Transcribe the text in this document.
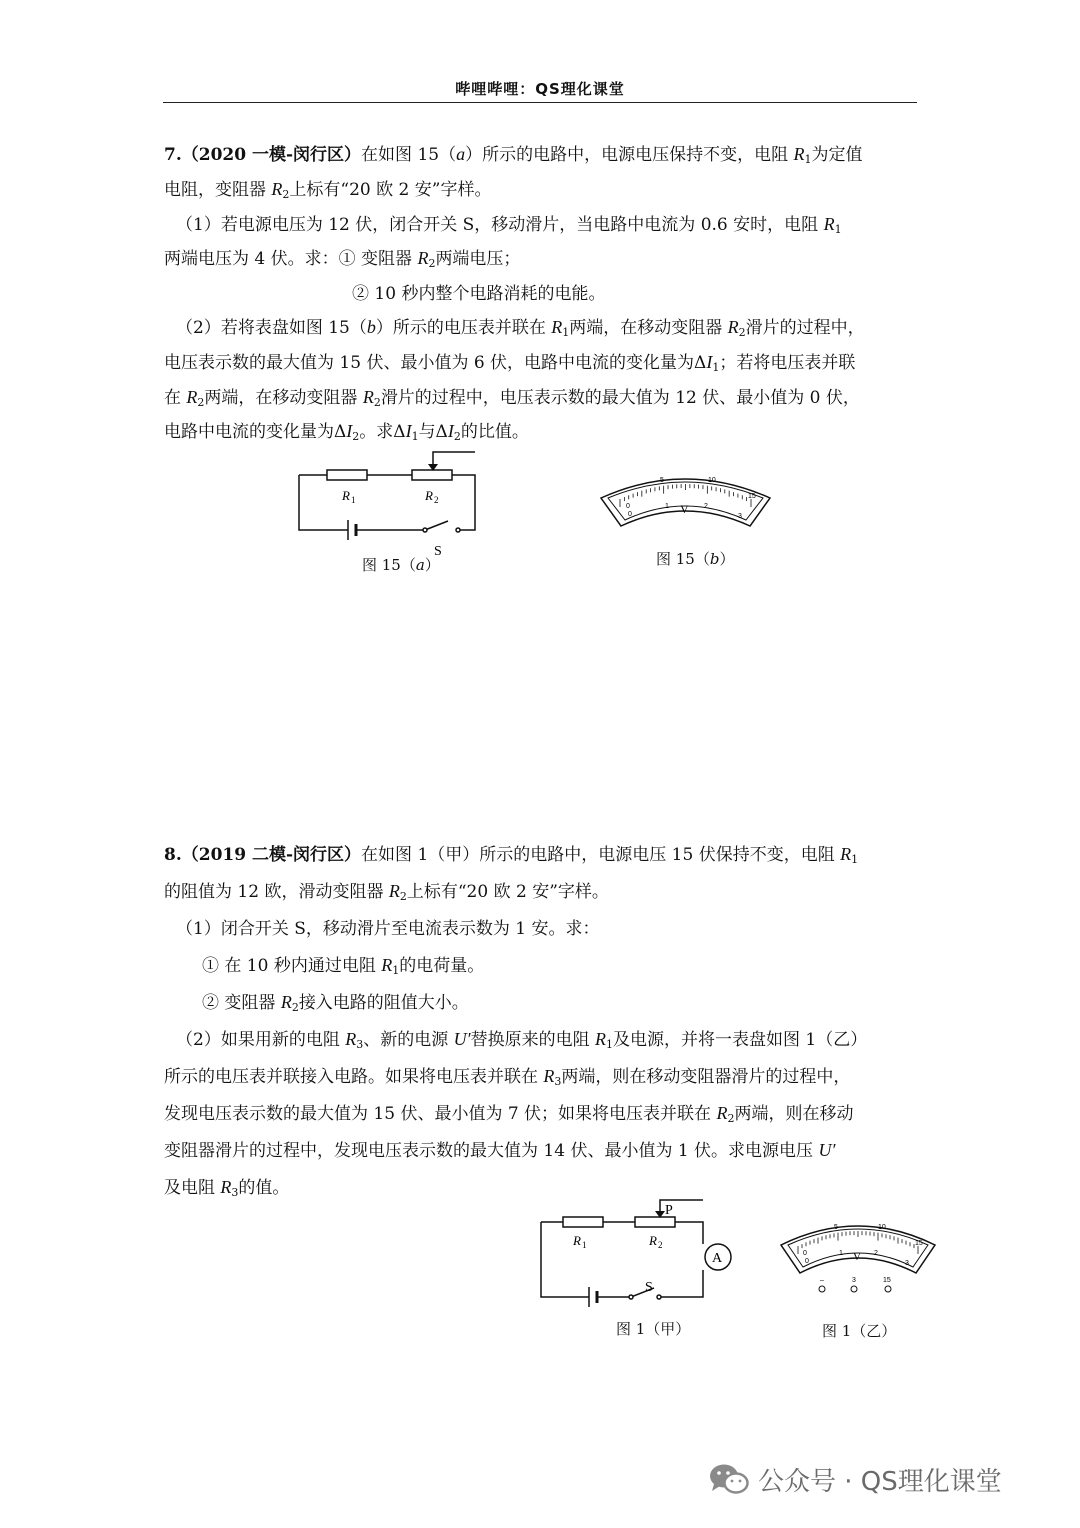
哔哩哔哩：QS理化课堂
7.（2020 一模-闵行区）在如图 15（a）所示的电路中，电源电压保持不变，电阻 $R_1$为定值
电阻，变阻器 $R_2$上标有“20 欧 2 安”字样。
（1）若电源电压为 12 伏，闭合开关 S，移动滑片，当电路中电流为 0.6 安时，电阻 $R_1$
两端电压为 4 伏。求：① 变阻器 $R_2$两端电压；
② 10 秒内整个电路消耗的电能。
（2）若将表盘如图 15（b）所示的电压表并联在 $R_1$两端，在移动变阻器 $R_2$滑片的过程中，
电压表示数的最大值为 15 伏、最小值为 6 伏，电路中电流的变化量为$\Delta I_1$；若将电压表并联
在 $R_2$两端，在移动变阻器 $R_2$滑片的过程中，电压表示数的最大值为 12 伏、最小值为 0 伏，
电路中电流的变化量为$\Delta I_2$。求$\Delta I_1$与$\Delta I_2$的比值。
R 1	R 2
S
图 15（a）
0
5	10
15
0
1	2
3
V
图 15（b）
8.（2019 二模-闵行区）在如图 1（甲）所示的电路中，电源电压 15 伏保持不变，电阻 $R_1$
的阻值为 12 欧，滑动变阻器 $R_2$上标有“20 欧 2 安”字样。
（1）闭合开关 S，移动滑片至电流表示数为 1 安。求：
① 在 10 秒内通过电阻 $R_1$的电荷量。
② 变阻器 $R_2$接入电路的阻值大小。
（2）如果用新的电阻 $R_3$、新的电源 U′替换原来的电阻 $R_1$及电源，并将一表盘如图 1（乙）
所示的电压表并联接入电路。如果将电压表并联在 $R_3$两端，则在移动变阻器滑片的过程中，
发现电压表示数的最大值为 15 伏、最小值为 7 伏；如果将电压表并联在 $R_2$两端，则在移动
变阻器滑片的过程中，发现电压表示数的最大值为 14 伏、最小值为 1 伏。求电源电压 U′
及电阻 $R_3$的值。
A
R 1	R 2
P
S
图 1（甲）
0
5	10
15
0
1	2
3
V
–	3	15
图 1（乙）
公众号 · QS理化课堂
